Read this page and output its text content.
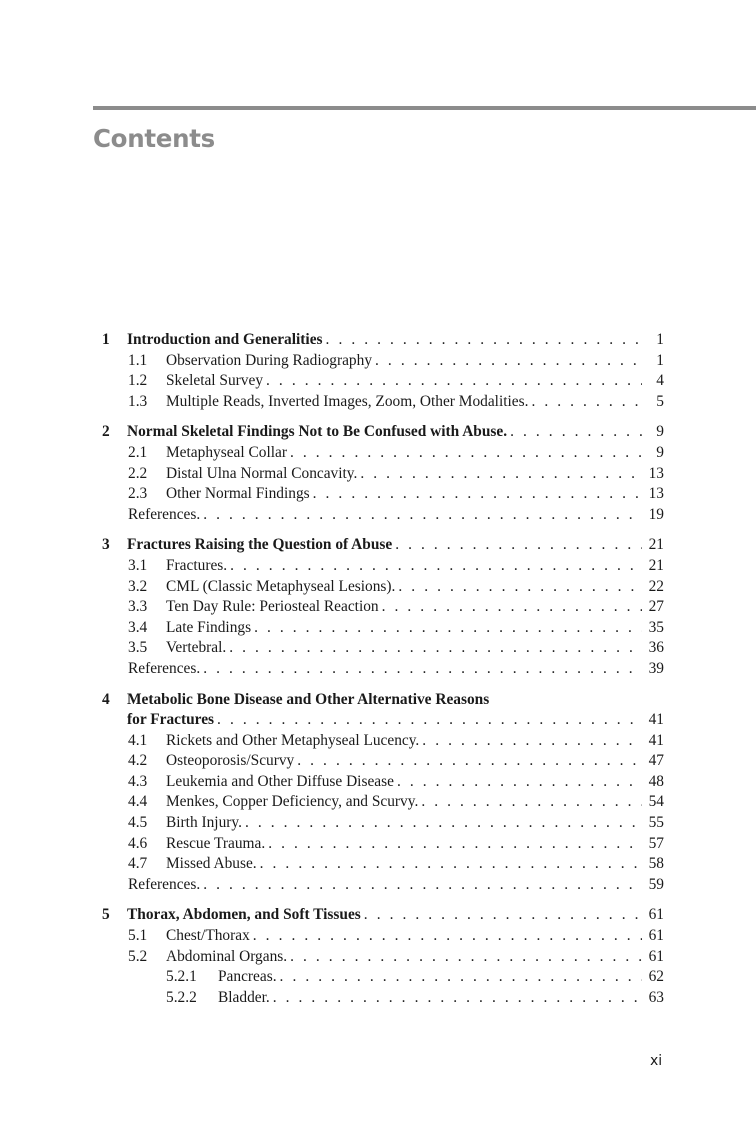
Contents
1 Introduction and Generalities . . .	1
1.1 Observation During Radiography . . .	1
1.2 Skeletal Survey . . .	4
1.3 Multiple Reads, Inverted Images, Zoom, Other Modalities. . . .	5
2 Normal Skeletal Findings Not to Be Confused with Abuse. . . .	9
2.1 Metaphyseal Collar . . .	9
2.2 Distal Ulna Normal Concavity. . . .	13
2.3 Other Normal Findings . . .	13
References. . . .	19
3 Fractures Raising the Question of Abuse . . .	21
3.1 Fractures. . . .	21
3.2 CML (Classic Metaphyseal Lesions). . . .	22
3.3 Ten Day Rule: Periosteal Reaction . . .	27
3.4 Late Findings . . .	35
3.5 Vertebral. . . .	36
References. . . .	39
4 Metabolic Bone Disease and Other Alternative Reasons
for Fractures . . .	41
4.1 Rickets and Other Metaphyseal Lucency. . . .	41
4.2 Osteoporosis/Scurvy . . .	47
4.3 Leukemia and Other Diffuse Disease . . .	48
4.4 Menkes, Copper Deficiency, and Scurvy. . . .	54
4.5 Birth Injury. . . .	55
4.6 Rescue Trauma. . . .	57
4.7 Missed Abuse. . . .	58
References. . . .	59
5 Thorax, Abdomen, and Soft Tissues . . .	61
5.1 Chest/Thorax . . .	61
5.2 Abdominal Organs. . . .	61
5.2.1 Pancreas. . . .	62
5.2.2 Bladder. . . .	63
xi
